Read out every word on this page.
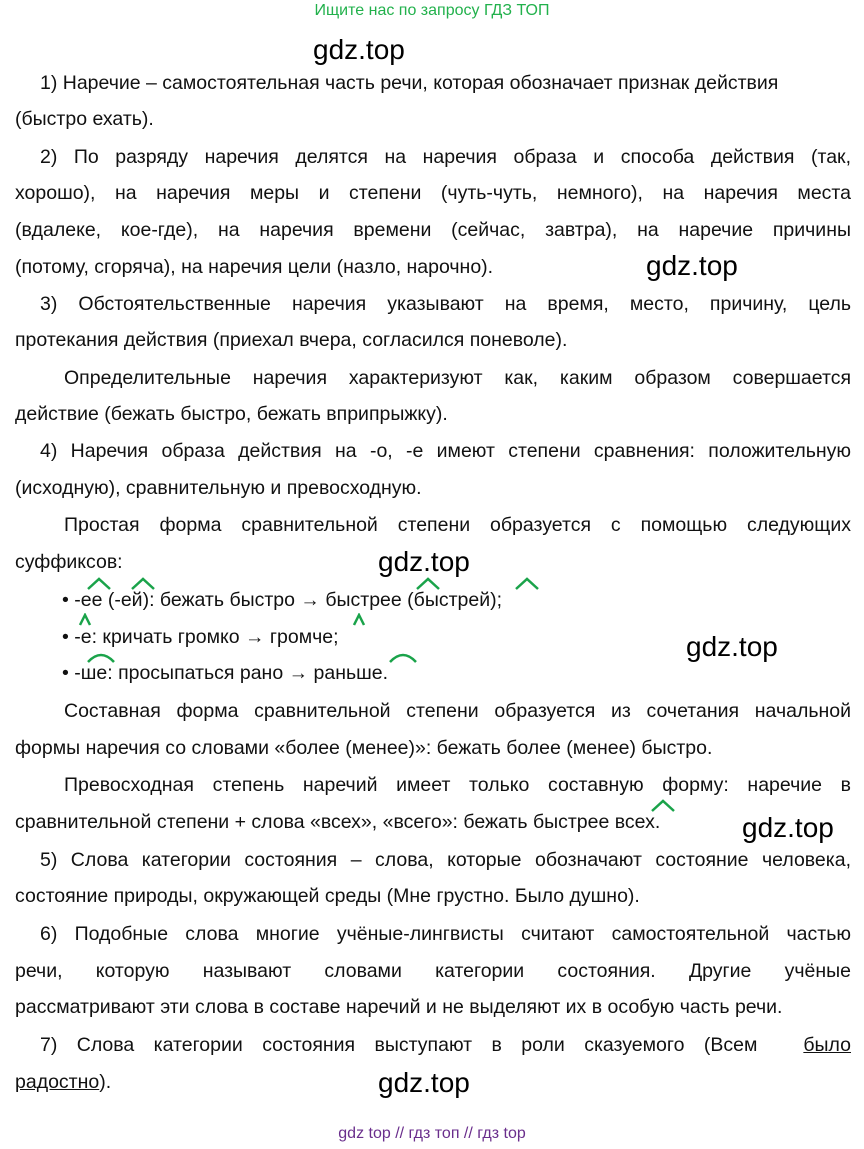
Ищите нас по запросу ГДЗ ТОП
gdz.top
gdz.top
gdz.top
gdz.top
gdz.top
gdz.top
1) Наречие – самостоятельная часть речи, которая обозначает признак действия
(быстро ехать).
2) По разряду наречия делятся на наречия образа и способа действия (так,
хорошо), на наречия меры и степени (чуть-чуть, немного), на наречия места
(вдалеке, кое-где), на наречия времени (сейчас, завтра), на наречие причины
(потому, сгоряча), на наречия цели (назло, нарочно).
3) Обстоятельственные наречия указывают на время, место, причину, цель
протекания действия (приехал вчера, согласился поневоле).
Определительные наречия характеризуют как, каким образом совершается
действие (бежать быстро, бежать вприпрыжку).
4) Наречия образа действия на -о, -е имеют степени сравнения: положительную
(исходную), сравнительную и превосходную.
Простая форма сравнительной степени образуется с помощью следующих
суффиксов:
• -ее (-ей): бежать быстро → быстрее (быстрей);
• -е: кричать громко → громче;
• -ше: просыпаться рано → раньше.
Составная форма сравнительной степени образуется из сочетания начальной
формы наречия со словами «более (менее)»: бежать более (менее) быстро.
Превосходная степень наречий имеет только составную форму: наречие в
сравнительной степени + слова «всех», «всего»: бежать быстрее всех.
5) Слова категории состояния – слова, которые обозначают состояние человека,
состояние природы, окружающей среды (Мне грустно. Было душно).
6) Подобные слова многие учёные-лингвисты считают самостоятельной частью
речи, которую называют словами категории состояния. Другие учёные
рассматривают эти слова в составе наречий и не выделяют их в особую часть речи.
7) Слова категории состояния выступают в роли сказуемого (Всем было
радостно).
gdz top // гдз топ // гдз top
